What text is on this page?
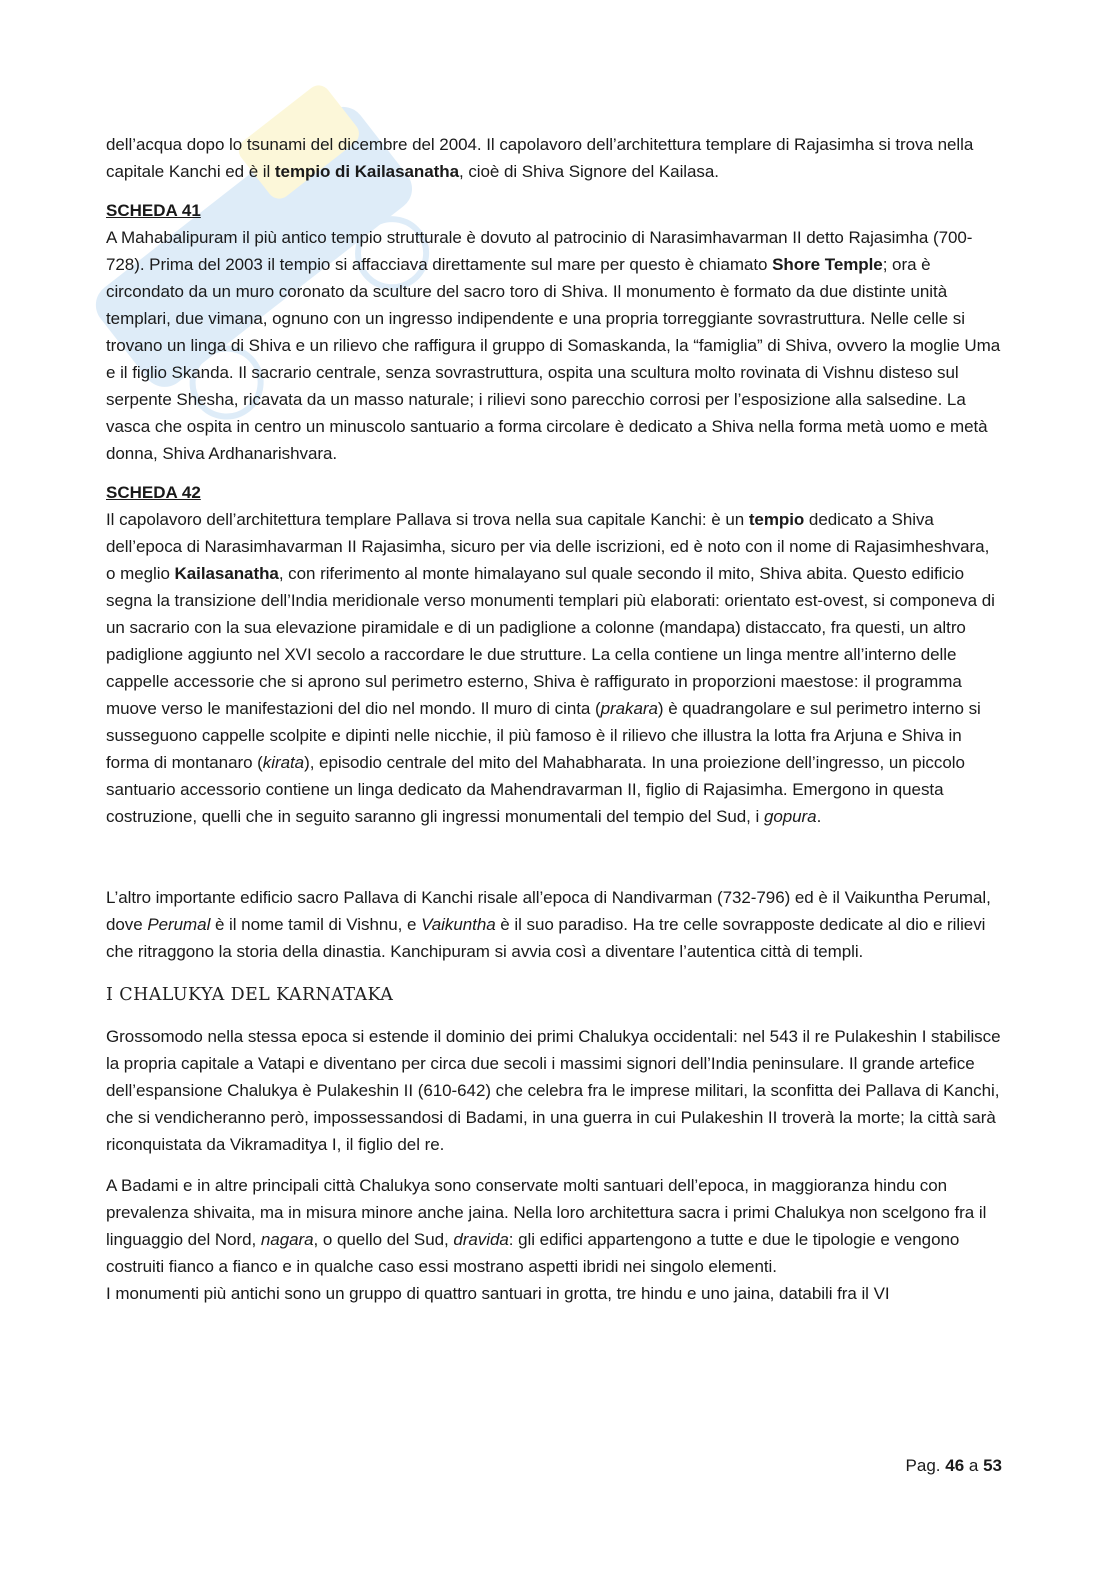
dell’acqua dopo lo tsunami del dicembre del 2004. Il capolavoro dell’architettura templare di Rajasimha si trova nella capitale Kanchi ed è il tempio di Kailasanatha, cioè di Shiva Signore del Kailasa.

SCHEDA 41

A Mahabalipuram il più antico tempio strutturale è dovuto al patrocinio di Narasimhavarman II detto Rajasimha (700-728). Prima del 2003 il tempio si affacciava direttamente sul mare per questo è chiamato Shore Temple; ora è circondato da un muro coronato da sculture del sacro toro di Shiva. Il monumento è formato da due distinte unità templari, due vimana, ognuno con un ingresso indipendente e una propria torreggiante sovrastruttura. Nelle celle si trovano un linga di Shiva e un rilievo che raffigura il gruppo di Somaskanda, la “famiglia” di Shiva, ovvero la moglie Uma e il figlio Skanda. Il sacrario centrale, senza sovrastruttura, ospita una scultura molto rovinata di Vishnu disteso sul serpente Shesha, ricavata da un masso naturale; i rilievi sono parecchio corrosi per l’esposizione alla salsedine. La vasca che ospita in centro un minuscolo santuario a forma circolare è dedicato a Shiva nella forma metà uomo e metà donna, Shiva Ardhanarishvara.

SCHEDA 42

Il capolavoro dell’architettura templare Pallava si trova nella sua capitale Kanchi: è un tempio dedicato a Shiva dell’epoca di Narasimhavarman II Rajasimha, sicuro per via delle iscrizioni, ed è noto con il nome di Rajasimheshvara, o meglio Kailasanatha, con riferimento al monte himalayano sul quale secondo il mito, Shiva abita. Questo edificio segna la transizione dell’India meridionale verso monumenti templari più elaborati: orientato est-ovest, si componeva di un sacrario con la sua elevazione piramidale e di un padiglione a colonne (mandapa) distaccato, fra questi, un altro padiglione aggiunto nel XVI secolo a raccordare le due strutture. La cella contiene un linga mentre all’interno delle cappelle accessorie che si aprono sul perimetro esterno, Shiva è raffigurato in proporzioni maestose: il programma muove verso le manifestazioni del dio nel mondo. Il muro di cinta (prakara) è quadrangolare e sul perimetro interno si susseguono cappelle scolpite e dipinti nelle nicchie, il più famoso è il rilievo che illustra la lotta fra Arjuna e Shiva in forma di montanaro (kirata), episodio centrale del mito del Mahabharata. In una proiezione dell’ingresso, un piccolo santuario accessorio contiene un linga dedicato da Mahendravarman II, figlio di Rajasimha. Emergono in questa costruzione, quelli che in seguito saranno gli ingressi monumentali del tempio del Sud, i gopura.

L’altro importante edificio sacro Pallava di Kanchi risale all’epoca di Nandivarman (732-796) ed è il Vaikuntha Perumal, dove Perumal è il nome tamil di Vishnu, e Vaikuntha è il suo paradiso. Ha tre celle sovrapposte dedicate al dio e rilievi che ritraggono la storia della dinastia. Kanchipuram si avvia così a diventare l’autentica città di templi.

I CHALUKYA DEL KARNATAKA

Grossomodo nella stessa epoca si estende il dominio dei primi Chalukya occidentali: nel 543 il re Pulakeshin I stabilisce la propria capitale a Vatapi e diventano per circa due secoli i massimi signori dell’India peninsulare. Il grande artefice dell’espansione Chalukya è Pulakeshin II (610-642) che celebra fra le imprese militari, la sconfitta dei Pallava di Kanchi, che si vendicheranno però, impossessandosi di Badami, in una guerra in cui Pulakeshin II troverà la morte; la città sarà riconquistata da Vikramaditya I, il figlio del re.

A Badami e in altre principali città Chalukya sono conservate molti santuari dell’epoca, in maggioranza hindu con prevalenza shivaita, ma in misura minore anche jaina. Nella loro architettura sacra i primi Chalukya non scelgono fra il linguaggio del Nord, nagara, o quello del Sud, dravida: gli edifici appartengono a tutte e due le tipologie e vengono costruiti fianco a fianco e in qualche caso essi mostrano aspetti ibridi nei singolo elementi.

I monumenti più antichi sono un gruppo di quattro santuari in grotta, tre hindu e uno jaina, databili fra il VI

Pag. 46 a 53
